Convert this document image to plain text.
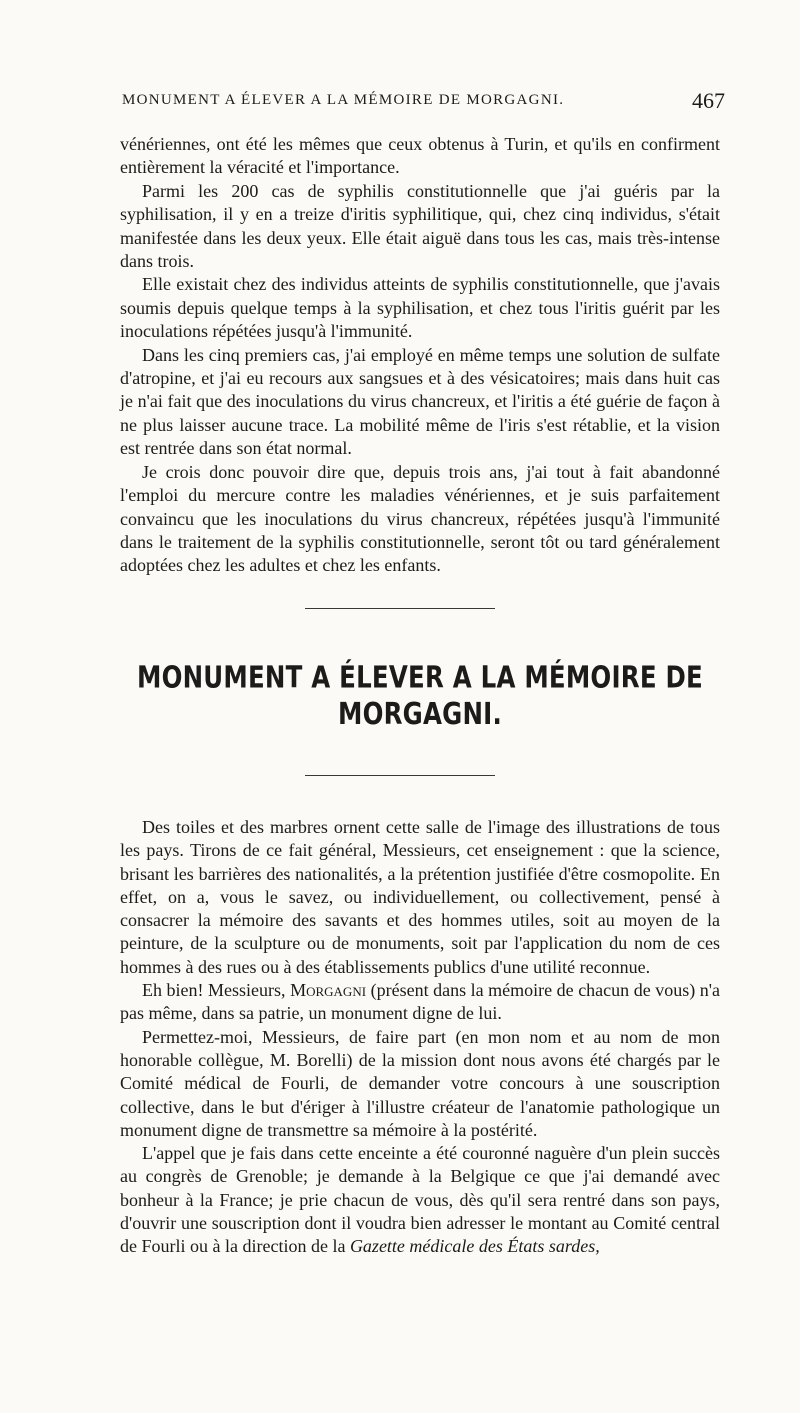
MONUMENT A ÉLEVER A LA MÉMOIRE DE MORGAGNI.	467

vénériennes, ont été les mêmes que ceux obtenus à Turin, et qu'ils en confirment entièrement la véracité et l'importance.

Parmi les 200 cas de syphilis constitutionnelle que j'ai guéris par la syphilisation, il y en a treize d'iritis syphilitique, qui, chez cinq individus, s'était manifestée dans les deux yeux. Elle était aiguë dans tous les cas, mais très-intense dans trois.

Elle existait chez des individus atteints de syphilis constitutionnelle, que j'avais soumis depuis quelque temps à la syphilisation, et chez tous l'iritis guérit par les inoculations répétées jusqu'à l'immunité.

Dans les cinq premiers cas, j'ai employé en même temps une solution de sulfate d'atropine, et j'ai eu recours aux sangsues et à des vésicatoires; mais dans huit cas je n'ai fait que des inoculations du virus chancreux, et l'iritis a été guérie de façon à ne plus laisser aucune trace. La mobilité même de l'iris s'est rétablie, et la vision est rentrée dans son état normal.

Je crois donc pouvoir dire que, depuis trois ans, j'ai tout à fait abandonné l'emploi du mercure contre les maladies vénériennes, et je suis parfaitement convaincu que les inoculations du virus chancreux, répétées jusqu'à l'immunité dans le traitement de la syphilis constitutionnelle, seront tôt ou tard généralement adoptées chez les adultes et chez les enfants.

MONUMENT A ÉLEVER A LA MÉMOIRE DE MORGAGNI.

Des toiles et des marbres ornent cette salle de l'image des illustrations de tous les pays. Tirons de ce fait général, Messieurs, cet enseignement : que la science, brisant les barrières des nationalités, a la prétention justifiée d'être cosmopolite. En effet, on a, vous le savez, ou individuellement, ou collectivement, pensé à consacrer la mémoire des savants et des hommes utiles, soit au moyen de la peinture, de la sculpture ou de monuments, soit par l'application du nom de ces hommes à des rues ou à des établissements publics d'une utilité reconnue.

Eh bien! Messieurs, Morgagni (présent dans la mémoire de chacun de vous) n'a pas même, dans sa patrie, un monument digne de lui.

Permettez-moi, Messieurs, de faire part (en mon nom et au nom de mon honorable collègue, M. Borelli) de la mission dont nous avons été chargés par le Comité médical de Fourli, de demander votre concours à une souscription collective, dans le but d'ériger à l'illustre créateur de l'anatomie pathologique un monument digne de transmettre sa mémoire à la postérité.

L'appel que je fais dans cette enceinte a été couronné naguère d'un plein succès au congrès de Grenoble; je demande à la Belgique ce que j'ai demandé avec bonheur à la France; je prie chacun de vous, dès qu'il sera rentré dans son pays, d'ouvrir une souscription dont il voudra bien adresser le montant au Comité central de Fourli ou à la direction de la Gazette médicale des États sardes,
